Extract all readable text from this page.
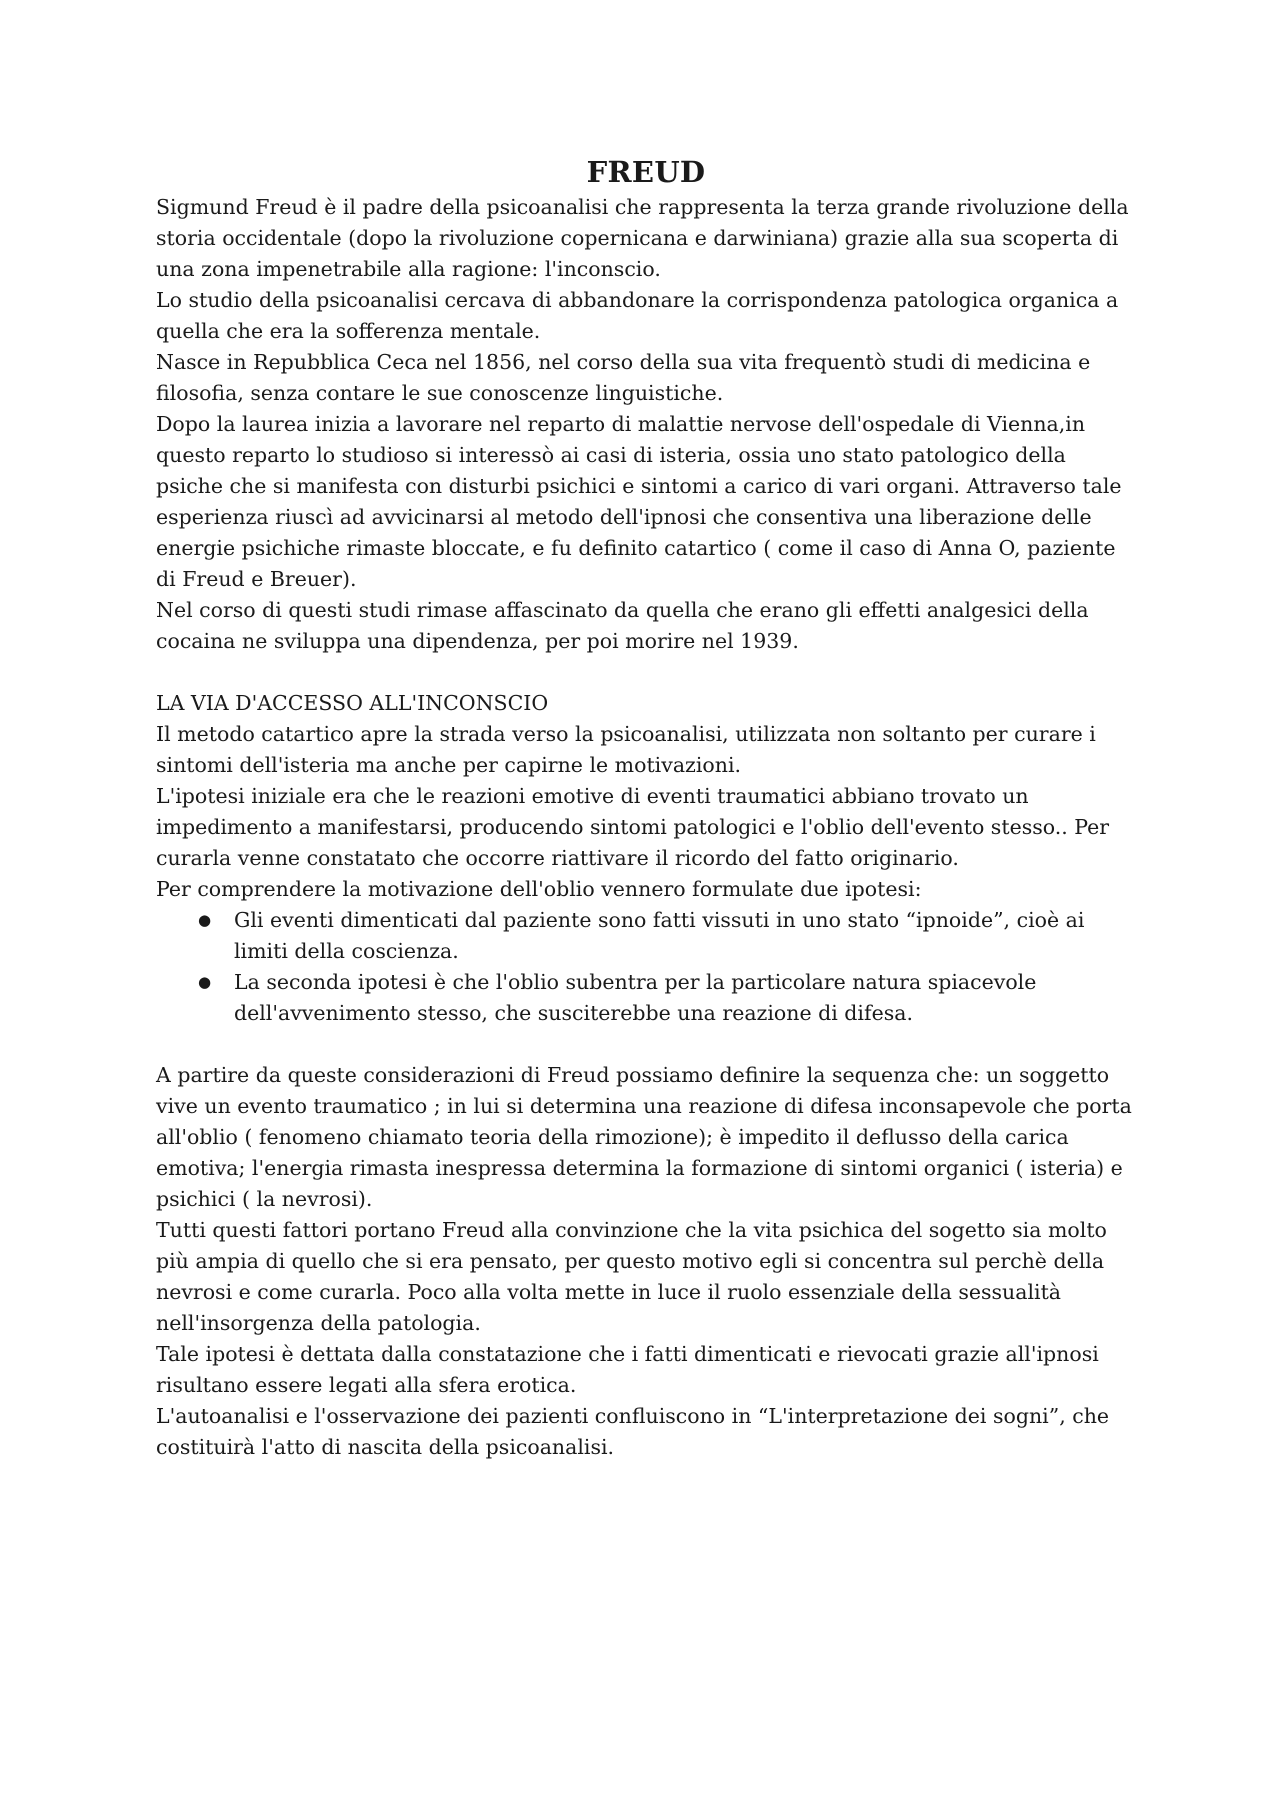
FREUD

Sigmund Freud è il padre della psicoanalisi che rappresenta la terza grande rivoluzione della storia occidentale (dopo la rivoluzione copernicana e darwiniana) grazie alla sua scoperta di una zona impenetrabile alla ragione: l'inconscio.

Lo studio della psicoanalisi cercava di abbandonare la corrispondenza patologica organica a quella che era la sofferenza mentale.

Nasce in Repubblica Ceca nel 1856, nel corso della sua vita frequentò studi di medicina e filosofia, senza contare le sue conoscenze linguistiche.

Dopo la laurea inizia a lavorare nel reparto di malattie nervose dell'ospedale di Vienna,in questo reparto lo studioso si interessò ai casi di isteria, ossia uno stato patologico della psiche che si manifesta con disturbi psichici e sintomi a carico di vari organi. Attraverso tale esperienza riuscì ad avvicinarsi al metodo dell'ipnosi che consentiva una liberazione delle energie psichiche rimaste bloccate, e fu definito catartico ( come il caso di Anna O, paziente di Freud e Breuer).

Nel corso di questi studi rimase affascinato da quella che erano gli effetti analgesici della cocaina ne sviluppa una dipendenza, per poi morire nel 1939.

LA VIA D'ACCESSO ALL'INCONSCIO

Il metodo catartico apre la strada verso la psicoanalisi, utilizzata non soltanto per curare i sintomi dell'isteria ma anche per capirne le motivazioni.

L'ipotesi iniziale era che le reazioni emotive di eventi traumatici abbiano trovato un impedimento a manifestarsi, producendo sintomi patologici e l'oblio dell'evento stesso.. Per curarla venne constatato che occorre riattivare il ricordo del fatto originario.

Per comprendere la motivazione dell'oblio vennero formulate due ipotesi:

● Gli eventi dimenticati dal paziente sono fatti vissuti in uno stato “ipnoide”, cioè ai limiti della coscienza.
● La seconda ipotesi è che l'oblio subentra per la particolare natura spiacevole dell'avvenimento stesso, che susciterebbe una reazione di difesa.

A partire da queste considerazioni di Freud possiamo definire la sequenza che: un soggetto vive un evento traumatico ; in lui si determina una reazione di difesa inconsapevole che porta all'oblio ( fenomeno chiamato teoria della rimozione); è impedito il deflusso della carica emotiva; l'energia rimasta inespressa determina la formazione di sintomi organici ( isteria) e psichici ( la nevrosi).

Tutti questi fattori portano Freud alla convinzione che la vita psichica del sogetto sia molto più ampia di quello che si era pensato, per questo motivo egli si concentra sul perchè della nevrosi e come curarla. Poco alla volta mette in luce il ruolo essenziale della sessualità nell'insorgenza della patologia.

Tale ipotesi è dettata dalla constatazione che i fatti dimenticati e rievocati grazie all'ipnosi risultano essere legati alla sfera erotica.

L'autoanalisi e l'osservazione dei pazienti confluiscono in “L'interpretazione dei sogni”, che costituirà l'atto di nascita della psicoanalisi.
